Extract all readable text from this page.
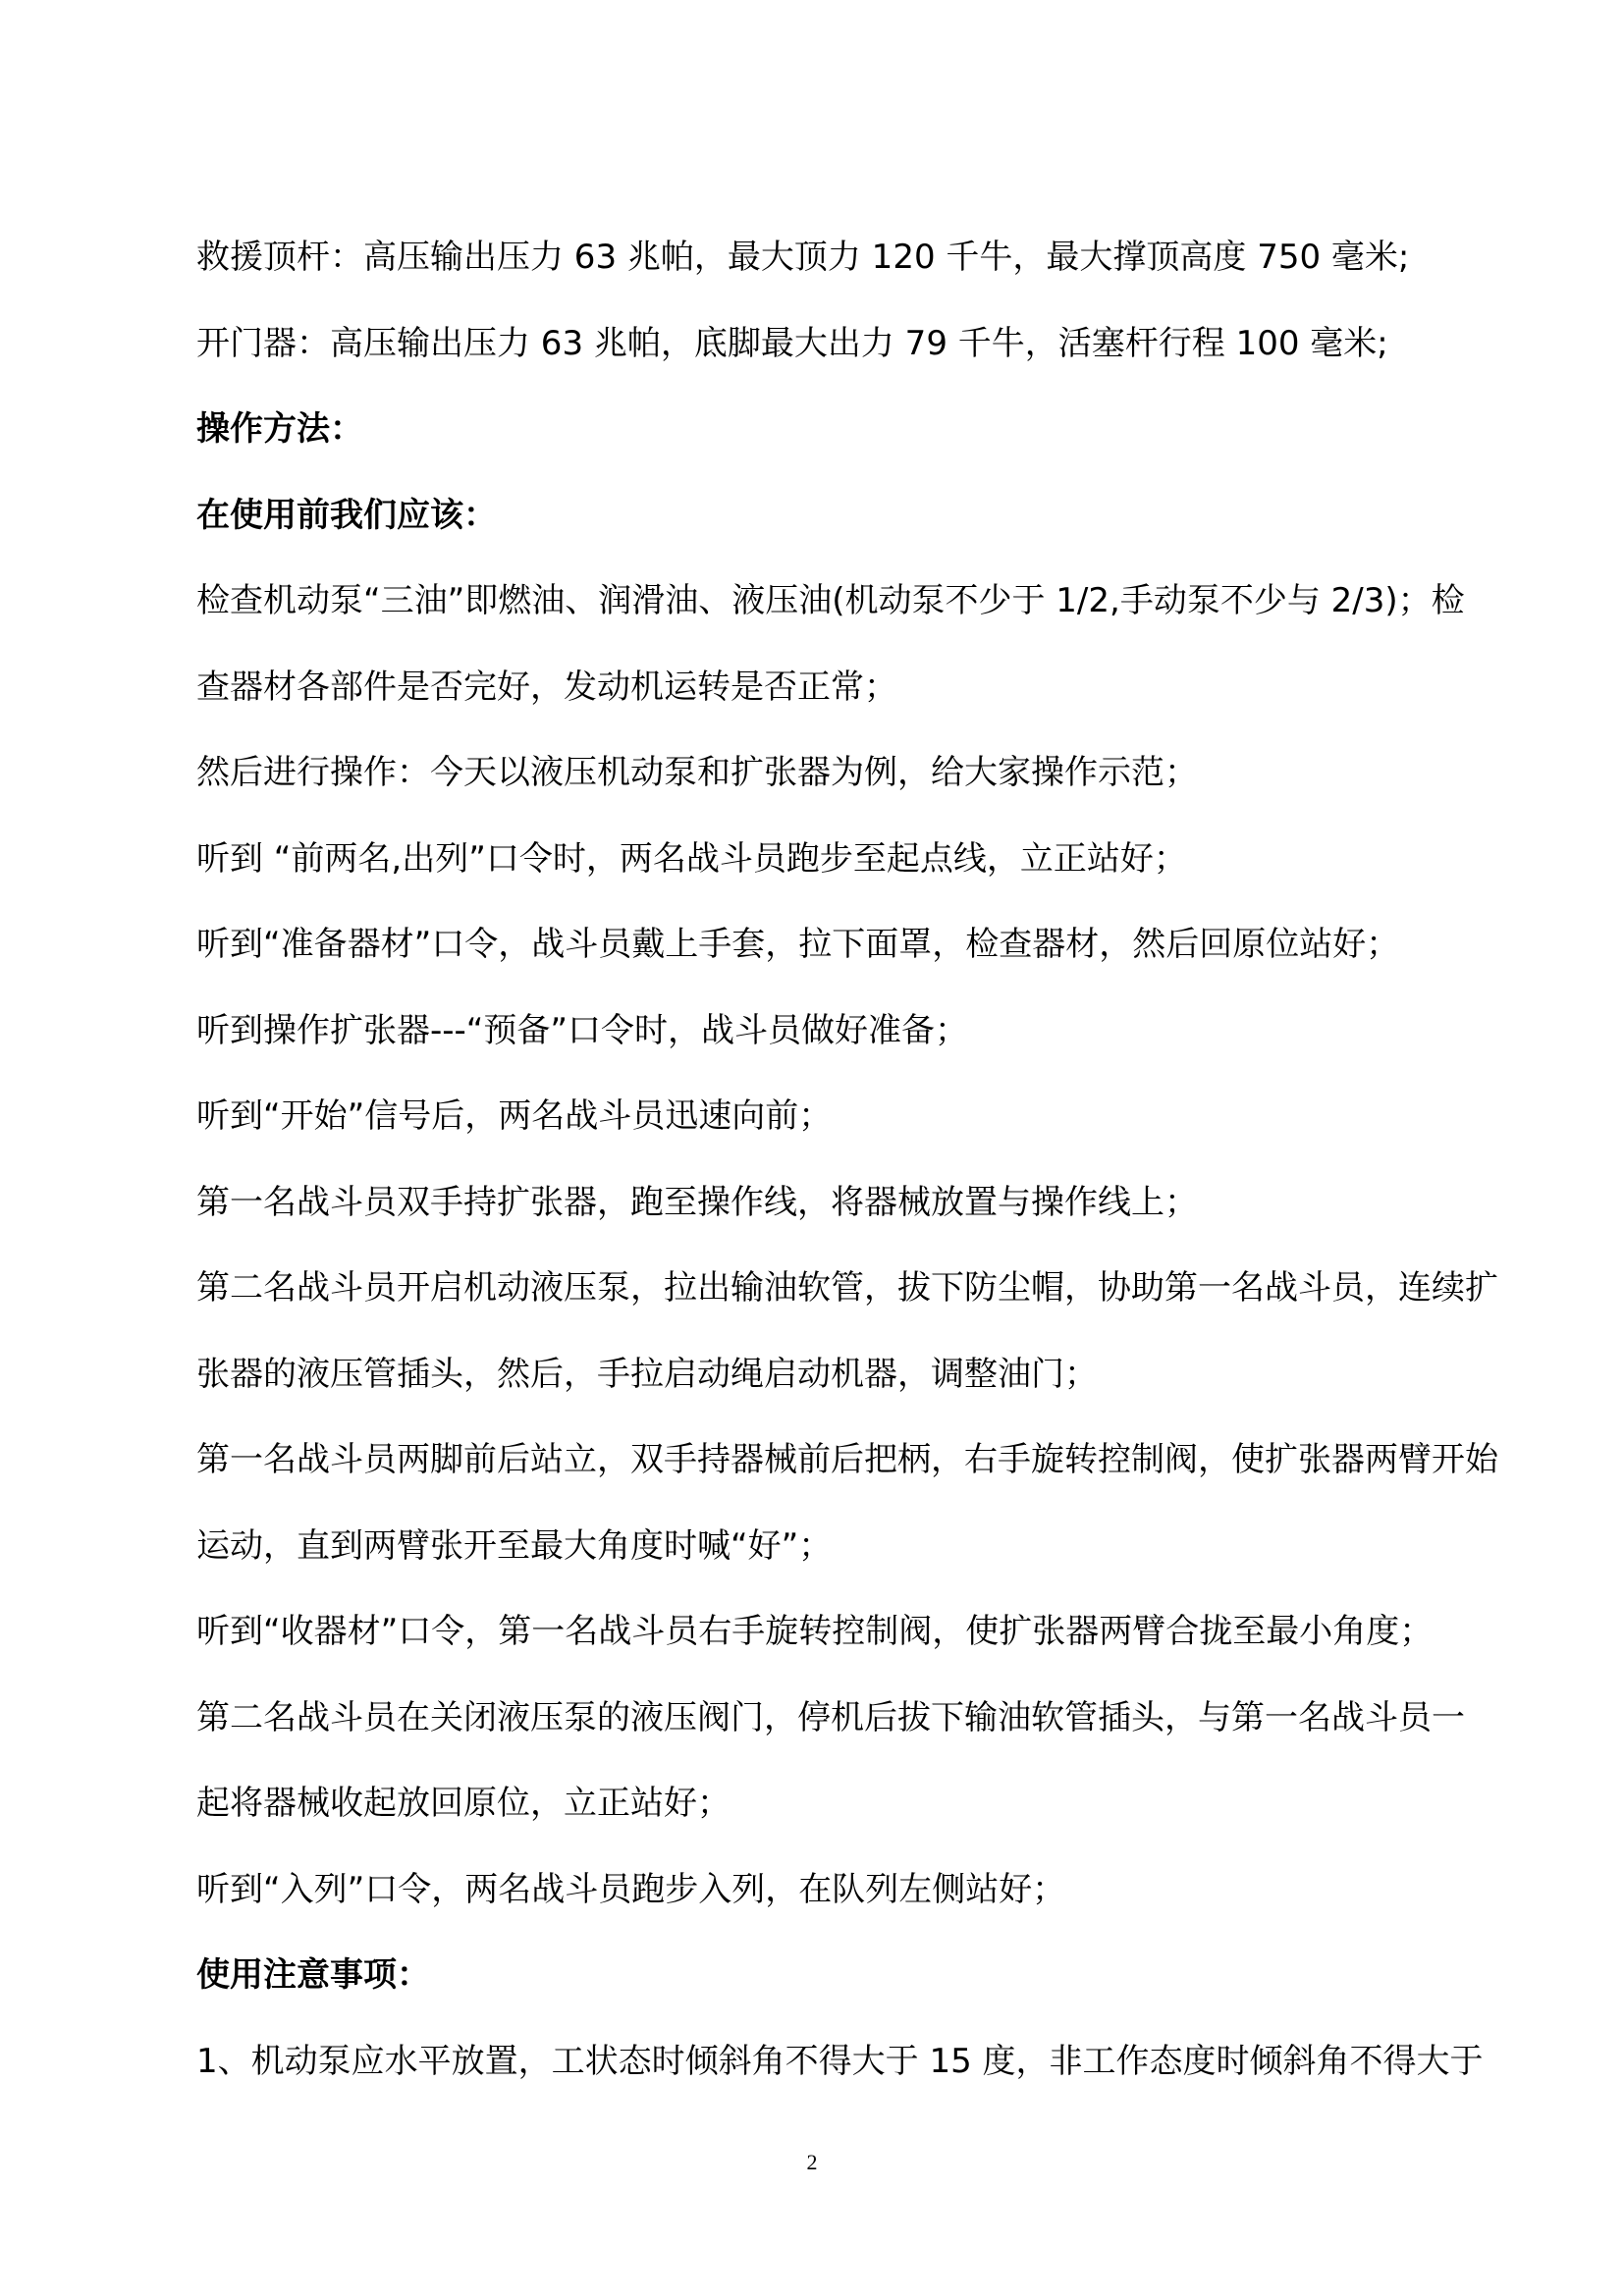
救援顶杆：高压输出压力 63 兆帕，最大顶力 120 千牛，最大撑顶高度 750 毫米;
开门器：高压输出压力 63 兆帕，底脚最大出力 79 千牛，活塞杆行程 100 毫米;
操作方法：
在使用前我们应该：
检查机动泵“三油”即燃油、润滑油、液压油(机动泵不少于 1/2,手动泵不少与 2/3)；检
查器材各部件是否完好，发动机运转是否正常；
然后进行操作：今天以液压机动泵和扩张器为例，给大家操作示范；
听到 “前两名,出列”口令时，两名战斗员跑步至起点线，立正站好；
听到“准备器材”口令，战斗员戴上手套，拉下面罩，检查器材，然后回原位站好；
听到操作扩张器---“预备”口令时，战斗员做好准备；
听到“开始”信号后，两名战斗员迅速向前；
第一名战斗员双手持扩张器，跑至操作线，将器械放置与操作线上；
第二名战斗员开启机动液压泵，拉出输油软管，拔下防尘帽，协助第一名战斗员，连续扩
张器的液压管插头，然后，手拉启动绳启动机器，调整油门；
第一名战斗员两脚前后站立，双手持器械前后把柄，右手旋转控制阀，使扩张器两臂开始
运动，直到两臂张开至最大角度时喊“好”；
听到“收器材”口令，第一名战斗员右手旋转控制阀，使扩张器两臂合拢至最小角度；
第二名战斗员在关闭液压泵的液压阀门，停机后拔下输油软管插头，与第一名战斗员一
起将器械收起放回原位，立正站好；
听到“入列”口令，两名战斗员跑步入列，在队列左侧站好；
使用注意事项：
1、机动泵应水平放置，工状态时倾斜角不得大于 15 度，非工作态度时倾斜角不得大于
2
